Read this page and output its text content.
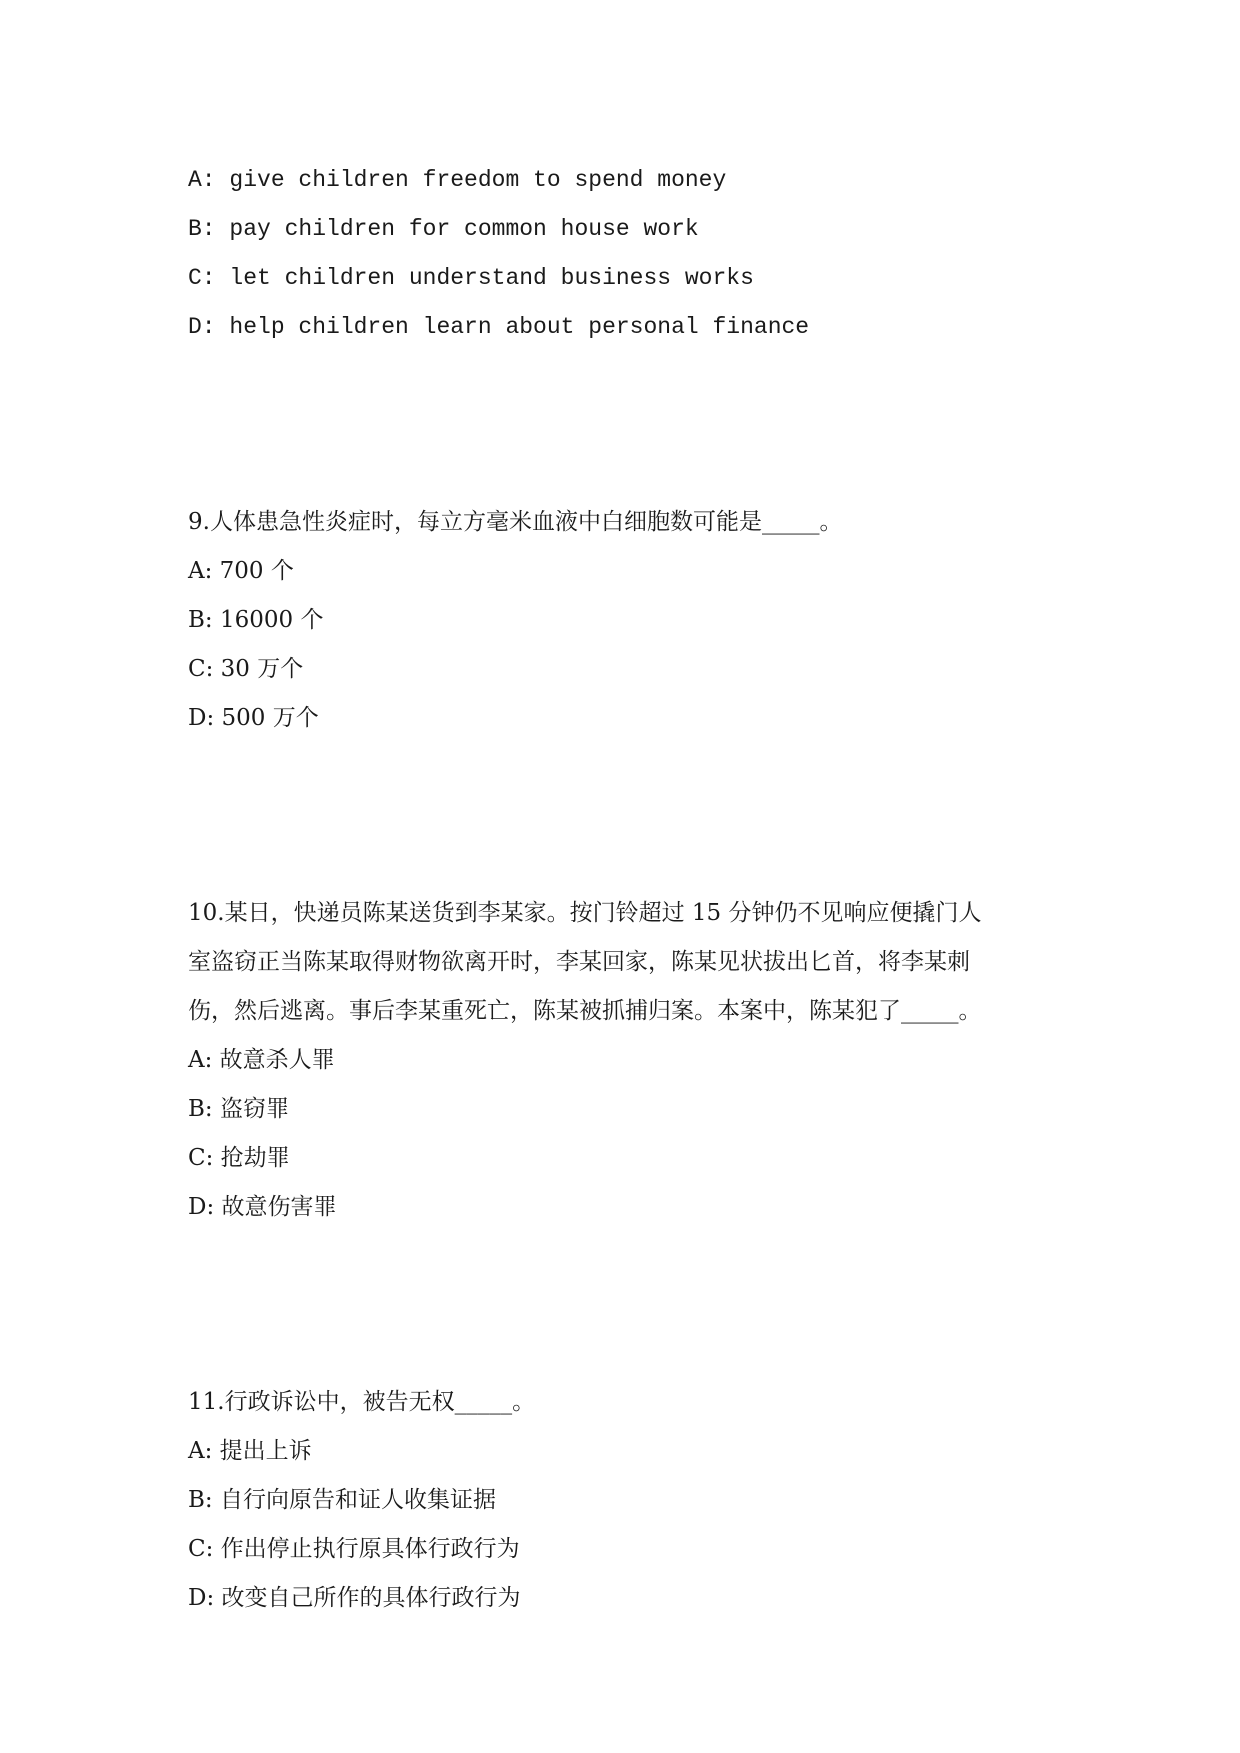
A: give children freedom to spend money
B: pay children for common house work
C: let children understand business works
D: help children learn about personal finance
9.人体患急性炎症时，每立方毫米血液中白细胞数可能是_____。
A: 700 个
B: 16000 个
C: 30 万个
D: 500 万个
10.某日，快递员陈某送货到李某家。按门铃超过 15 分钟仍不见响应便撬门人
室盗窃正当陈某取得财物欲离开时，李某回家，陈某见状拔出匕首，将李某刺
伤，然后逃离。事后李某重死亡，陈某被抓捕归案。本案中，陈某犯了_____。
A: 故意杀人罪
B: 盗窃罪
C: 抢劫罪
D: 故意伤害罪
11.行政诉讼中，被告无权_____。
A: 提出上诉
B: 自行向原告和证人收集证据
C: 作出停止执行原具体行政行为
D: 改变自己所作的具体行政行为
